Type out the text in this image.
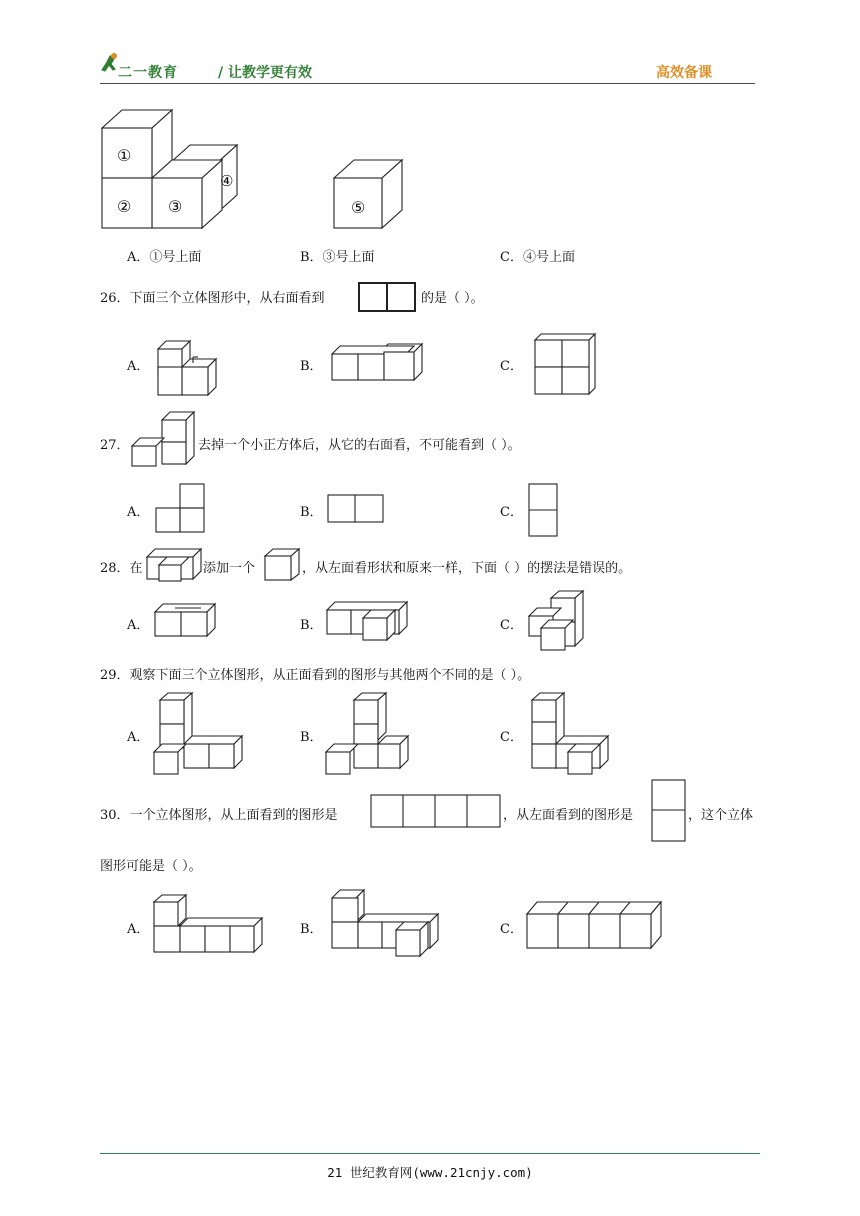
二一教育	/ 让教学更有效	高效备课
①
② ③
④
⑤
A．①号上面	B．③号上面	C．④号上面
26．下面三个立体图形中，从右面看到	的是（ ）。
A．	B．	C．
27．	去掉一个小正方体后，从它的右面看，不可能看到（ ）。
A．	B．	C．
28．在	添加一个	，从左面看形状和原来一样，下面（ ）的摆法是错误的。
A．	B．	C．
29．观察下面三个立体图形，从正面看到的图形与其他两个不同的是（ ）。
A．	B．	C．
30．一个立体图形，从上面看到的图形是	，从左面看到的图形是	，这个立体
图形可能是（ ）。
A．	B．	C．
21 世纪教育网(www.21cnjy.com)
